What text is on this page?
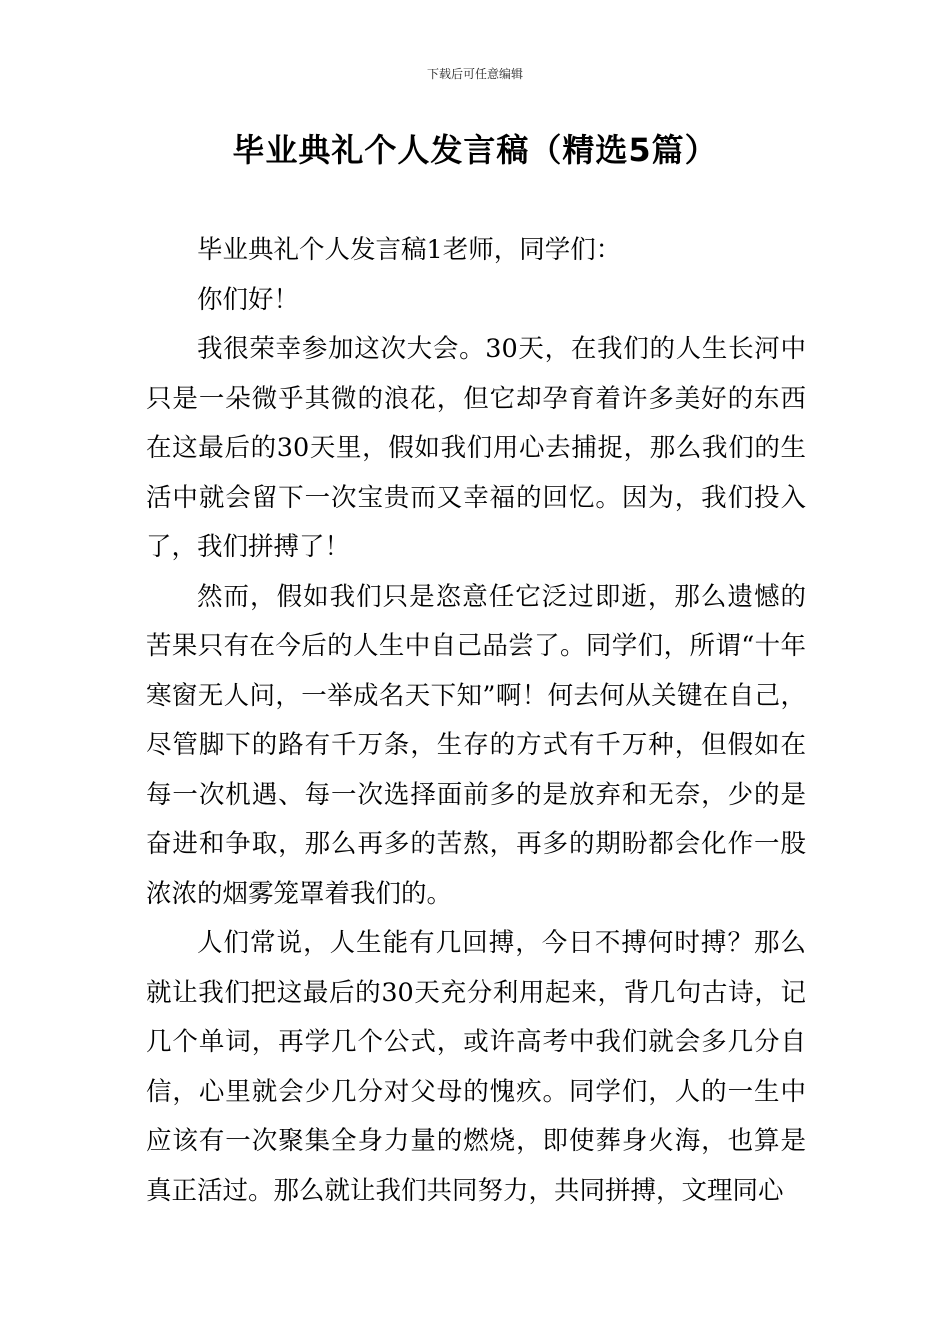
下载后可任意编辑
毕业典礼个人发言稿（精选5篇）

毕业典礼个人发言稿1老师，同学们：

你们好！

我很荣幸参加这次大会。30天，在我们的人生长河中只是一朵微乎其微的浪花，但它却孕育着许多美好的东西在这最后的30天里，假如我们用心去捕捉，那么我们的生活中就会留下一次宝贵而又幸福的回忆。因为，我们投入了，我们拼搏了！

然而，假如我们只是恣意任它泛过即逝，那么遗憾的苦果只有在今后的人生中自己品尝了。同学们，所谓“十年寒窗无人问，一举成名天下知”啊！何去何从关键在自己，尽管脚下的路有千万条，生存的方式有千万种，但假如在每一次机遇、每一次选择面前多的是放弃和无奈，少的是奋进和争取，那么再多的苦熬，再多的期盼都会化作一股浓浓的烟雾笼罩着我们的。

人们常说，人生能有几回搏，今日不搏何时搏？那么就让我们把这最后的30天充分利用起来，背几句古诗，记几个单词，再学几个公式，或许高考中我们就会多几分自信，心里就会少几分对父母的愧疚。同学们，人的一生中应该有一次聚集全身力量的燃烧，即使葬身火海，也算是真正活过。那么就让我们共同努力，共同拼搏，文理同心
